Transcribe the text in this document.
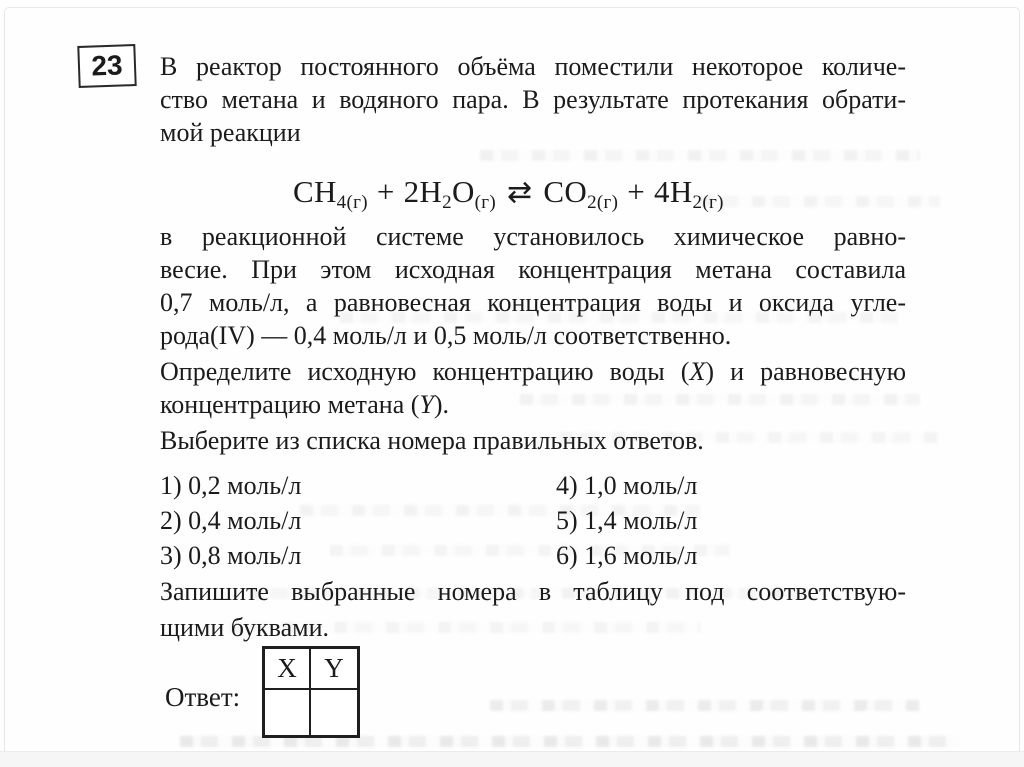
23 В реактор постоянного объёма поместили некоторое количе-
ство метана и водяного пара. В результате протекания обрати-
мой реакции
$CH_{4(г)} + 2H_2O_{(г)}$ ⇄ $CO_{2(г)} + 4H_{2(г)}$
в реакционной системе установилось химическое равно-
весие. При этом исходная концентрация метана составила
0,7 моль/л, а равновесная концентрация воды и оксида угле-
рода(IV) — 0,4 моль/л и 0,5 моль/л соответственно.
Определите исходную концентрацию воды (X) и равновесную
концентрацию метана (Y).
Выберите из списка номера правильных ответов.
1) 0,2 моль/л
2) 0,4 моль/л
3) 0,8 моль/л
4) 1,0 моль/л
5) 1,4 моль/л
6) 1,6 моль/л
Запишите выбранные номера в таблицу под соответствую-
щими буквами.
Ответ:
X	Y
